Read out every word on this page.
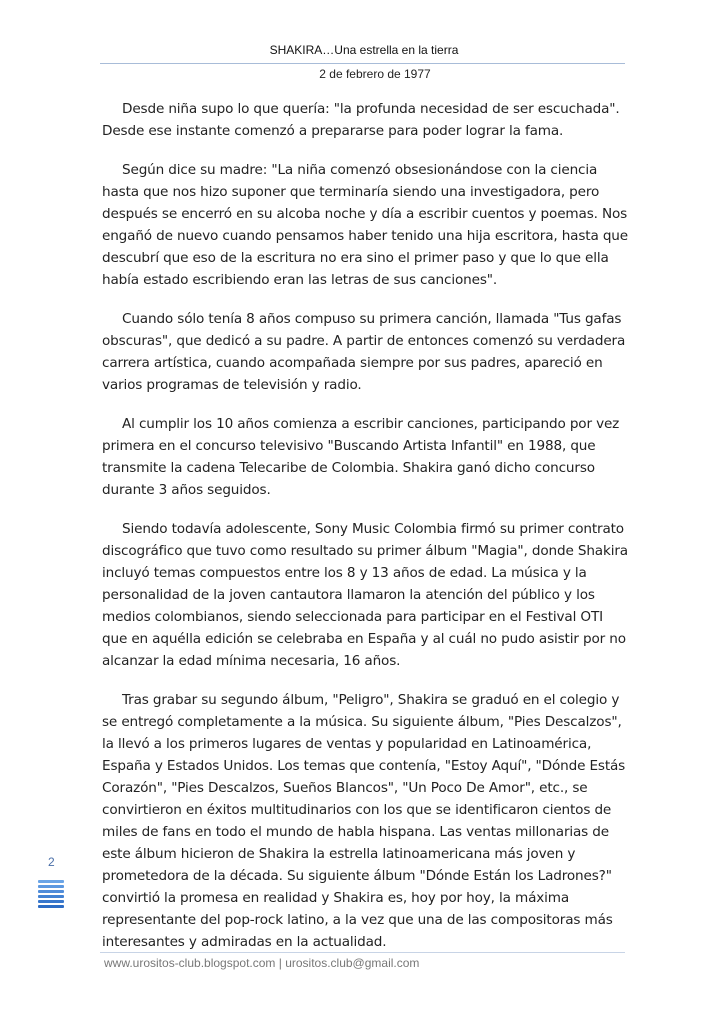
SHAKIRA…Una estrella en la tierra
2 de febrero de 1977

Desde niña supo lo que quería: "la profunda necesidad de ser escuchada". Desde ese instante comenzó a prepararse para poder lograr la fama.

Según dice su madre: "La niña comenzó obsesionándose con la ciencia hasta que nos hizo suponer que terminaría siendo una investigadora, pero después se encerró en su alcoba noche y día a escribir cuentos y poemas. Nos engañó de nuevo cuando pensamos haber tenido una hija escritora, hasta que descubrí que eso de la escritura no era sino el primer paso y que lo que ella había estado escribiendo eran las letras de sus canciones".

Cuando sólo tenía 8 años compuso su primera canción, llamada "Tus gafas obscuras", que dedicó a su padre. A partir de entonces comenzó su verdadera carrera artística, cuando acompañada siempre por sus padres, apareció en varios programas de televisión y radio.

Al cumplir los 10 años comienza a escribir canciones, participando por vez primera en el concurso televisivo "Buscando Artista Infantil" en 1988, que transmite la cadena Telecaribe de Colombia. Shakira ganó dicho concurso durante 3 años seguidos.

Siendo todavía adolescente, Sony Music Colombia firmó su primer contrato discográfico que tuvo como resultado su primer álbum "Magia", donde Shakira incluyó temas compuestos entre los 8 y 13 años de edad. La música y la personalidad de la joven cantautora llamaron la atención del público y los medios colombianos, siendo seleccionada para participar en el Festival OTI que en aquélla edición se celebraba en España y al cuál no pudo asistir por no alcanzar la edad mínima necesaria, 16 años.

Tras grabar su segundo álbum, "Peligro", Shakira se graduó en el colegio y se entregó completamente a la música. Su siguiente álbum, "Pies Descalzos", la llevó a los primeros lugares de ventas y popularidad en Latinoamérica, España y Estados Unidos. Los temas que contenía, "Estoy Aquí", "Dónde Estás Corazón", "Pies Descalzos, Sueños Blancos", "Un Poco De Amor", etc., se convirtieron en éxitos multitudinarios con los que se identificaron cientos de miles de fans en todo el mundo de habla hispana. Las ventas millonarias de este álbum hicieron de Shakira la estrella latinoamericana más joven y prometedora de la década. Su siguiente álbum "Dónde Están los Ladrones?" convirtió la promesa en realidad y Shakira es, hoy por hoy, la máxima representante del pop-rock latino, a la vez que una de las compositoras más interesantes y admiradas en la actualidad.

2
www.urositos-club.blogspot.com | urositos.club@gmail.com
